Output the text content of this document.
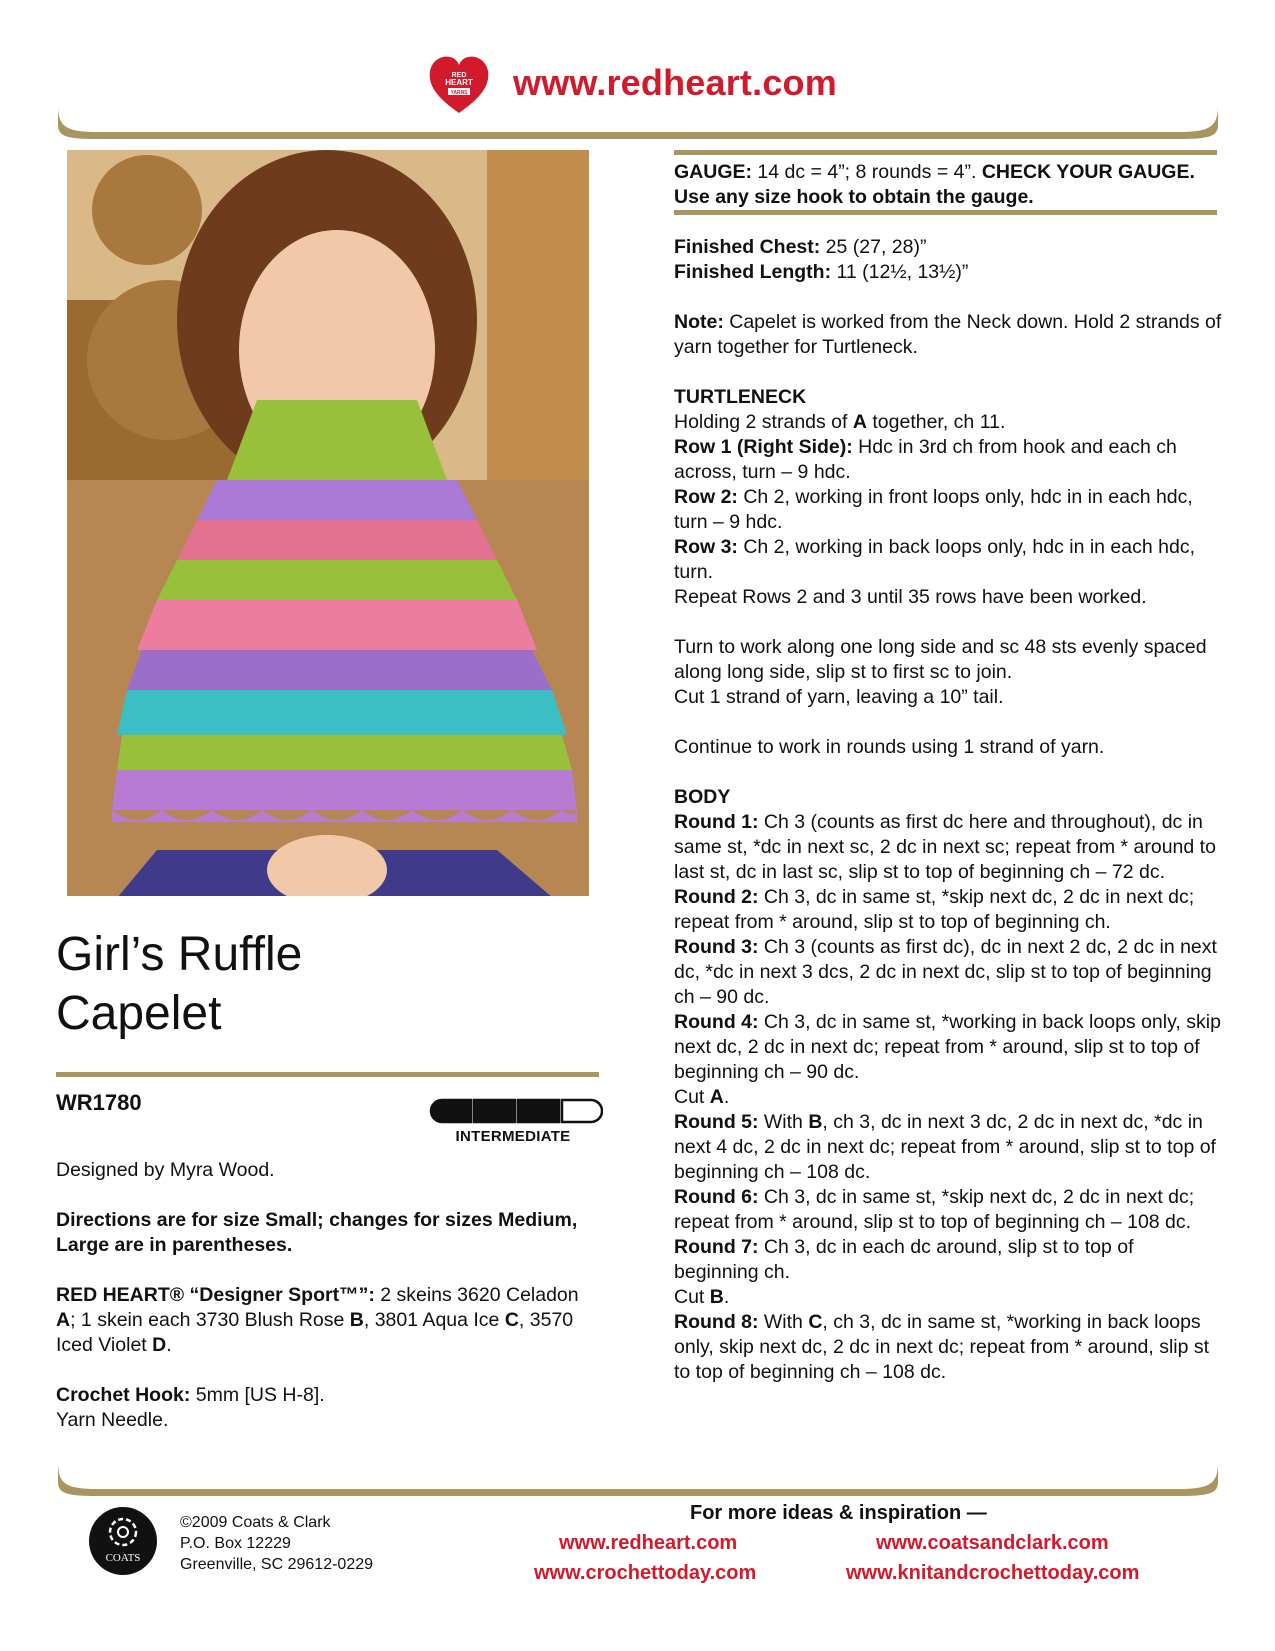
RED
HEART
YARNS www.redheart.com
Girl’s Ruffle
Capelet
WR1780
INTERMEDIATE

Designed by Myra Wood.

Directions are for size Small; changes for sizes Medium, Large are in parentheses.

RED HEART® “Designer Sport™”: 2 skeins 3620 Celadon A; 1 skein each 3730 Blush Rose B, 3801 Aqua Ice C, 3570 Iced Violet D.

Crochet Hook: 5mm [US H-8].
Yarn Needle.

GAUGE: 14 dc = 4”; 8 rounds = 4”. CHECK YOUR GAUGE. Use any size hook to obtain the gauge.

Finished Chest: 25 (27, 28)”
Finished Length: 11 (12½, 13½)”

Note: Capelet is worked from the Neck down. Hold 2 strands of yarn together for Turtleneck.

TURTLENECK
Holding 2 strands of A together, ch 11.
Row 1 (Right Side): Hdc in 3rd ch from hook and each ch across, turn – 9 hdc.
Row 2: Ch 2, working in front loops only, hdc in in each hdc, turn – 9 hdc.
Row 3: Ch 2, working in back loops only, hdc in in each hdc, turn.
Repeat Rows 2 and 3 until 35 rows have been worked.

Turn to work along one long side and sc 48 sts evenly spaced along long side, slip st to first sc to join.
Cut 1 strand of yarn, leaving a 10” tail.

Continue to work in rounds using 1 strand of yarn.

BODY
Round 1: Ch 3 (counts as first dc here and throughout), dc in same st, *dc in next sc, 2 dc in next sc; repeat from * around to last st, dc in last sc, slip st to top of beginning ch – 72 dc.
Round 2: Ch 3, dc in same st, *skip next dc, 2 dc in next dc; repeat from * around, slip st to top of beginning ch.
Round 3: Ch 3 (counts as first dc), dc in next 2 dc, 2 dc in next dc, *dc in next 3 dcs, 2 dc in next dc, slip st to top of beginning ch – 90 dc.
Round 4: Ch 3, dc in same st, *working in back loops only, skip next dc, 2 dc in next dc; repeat from * around, slip st to top of beginning ch – 90 dc.
Cut A.
Round 5: With B, ch 3, dc in next 3 dc, 2 dc in next dc, *dc in next 4 dc, 2 dc in next dc; repeat from * around, slip st to top of beginning ch – 108 dc.
Round 6: Ch 3, dc in same st, *skip next dc, 2 dc in next dc; repeat from * around, slip st to top of beginning ch – 108 dc.
Round 7: Ch 3, dc in each dc around, slip st to top of beginning ch.
Cut B.
Round 8: With C, ch 3, dc in same st, *working in back loops only, skip next dc, 2 dc in next dc; repeat from * around, slip st to top of beginning ch – 108 dc.

COATS
©2009 Coats & Clark
P.O. Box 12229
Greenville, SC 29612-0229
For more ideas & inspiration —
www.redheart.com	www.coatsandclark.com
www.crochettoday.com	www.knitandcrochettoday.com
